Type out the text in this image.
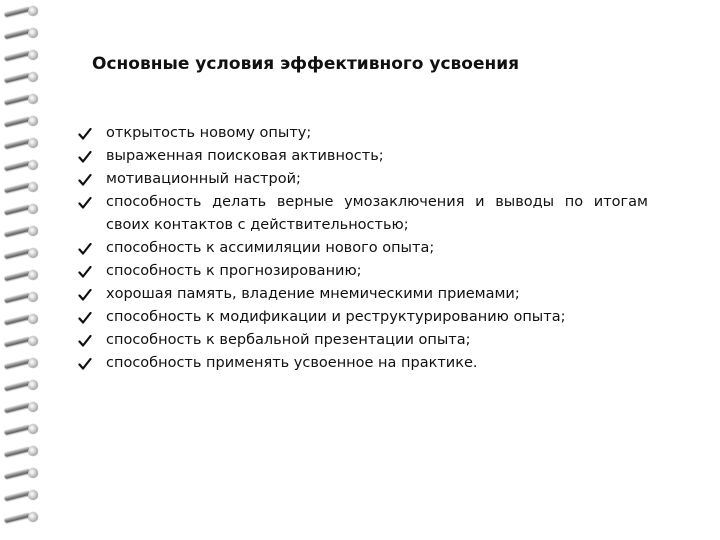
Основные условия эффективного усвоения
открытость новому опыту;
выраженная поисковая активность;
мотивационный настрой;
способность делать верные умозаключения и выводы по итогам своих контактов с действительностью;
способность к ассимиляции нового опыта;
способность к прогнозированию;
хорошая память, владение мнемическими приемами;
способность к модификации и реструктурированию опыта;
способность к вербальной презентации опыта;
способность применять усвоенное на практике.
